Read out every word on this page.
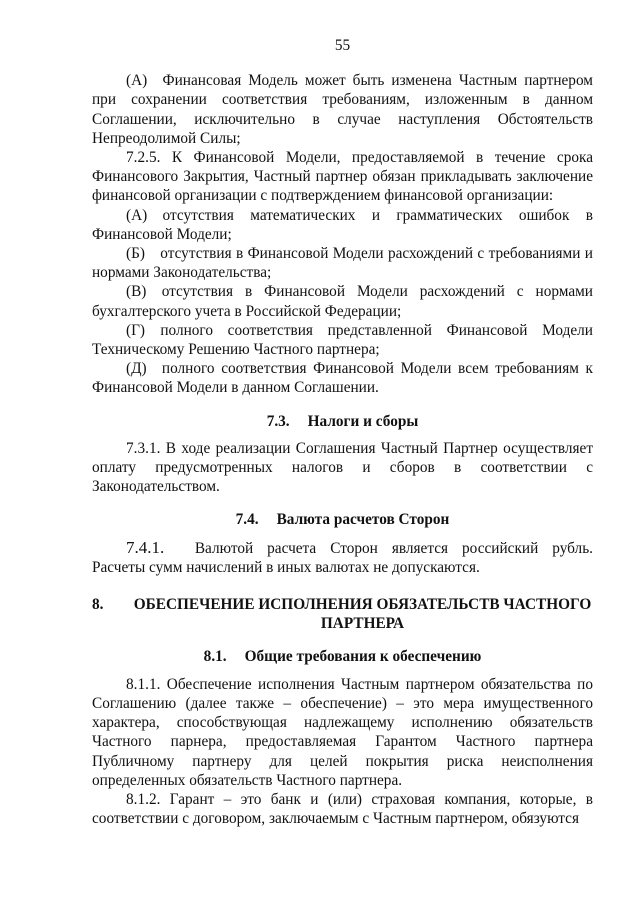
55

(А) Финансовая Модель может быть изменена Частным партнером при сохранении соответствия требованиям, изложенным в данном Соглашении, исключительно в случае наступления Обстоятельств Непреодолимой Силы;

7.2.5. К Финансовой Модели, предоставляемой в течение срока Финансового Закрытия, Частный партнер обязан прикладывать заключение финансовой организации с подтверждением финансовой организации:

(А) отсутствия математических и грамматических ошибок в Финансовой Модели;

(Б) отсутствия в Финансовой Модели расхождений с требованиями и нормами Законодательства;

(В) отсутствия в Финансовой Модели расхождений с нормами бухгалтерского учета в Российской Федерации;

(Г) полного соответствия представленной Финансовой Модели Техническому Решению Частного партнера;

(Д) полного соответствия Финансовой Модели всем требованиям к Финансовой Модели в данном Соглашении.

7.3. Налоги и сборы

7.3.1. В ходе реализации Соглашения Частный Партнер осуществляет оплату предусмотренных налогов и сборов в соответствии с Законодательством.

7.4. Валюта расчетов Сторон

7.4.1.   Валютой расчета Сторон является российский рубль. Расчеты сумм начислений в иных валютах не допускаются.

8.	ОБЕСПЕЧЕНИЕ ИСПОЛНЕНИЯ ОБЯЗАТЕЛЬСТВ ЧАСТНОГО ПАРТНЕРА
8.1. Общие требования к обеспечению

8.1.1. Обеспечение исполнения Частным партнером обязательства по Соглашению (далее также – обеспечение) – это мера имущественного характера, способствующая надлежащему исполнению обязательств Частного парнера, предоставляемая Гарантом Частного партнера Публичному партнеру для целей покрытия риска неисполнения определенных обязательств Частного партнера.

8.1.2. Гарант – это банк и (или) страховая компания, которые, в соответствии с договором, заключаемым с Частным партнером, обязуются
